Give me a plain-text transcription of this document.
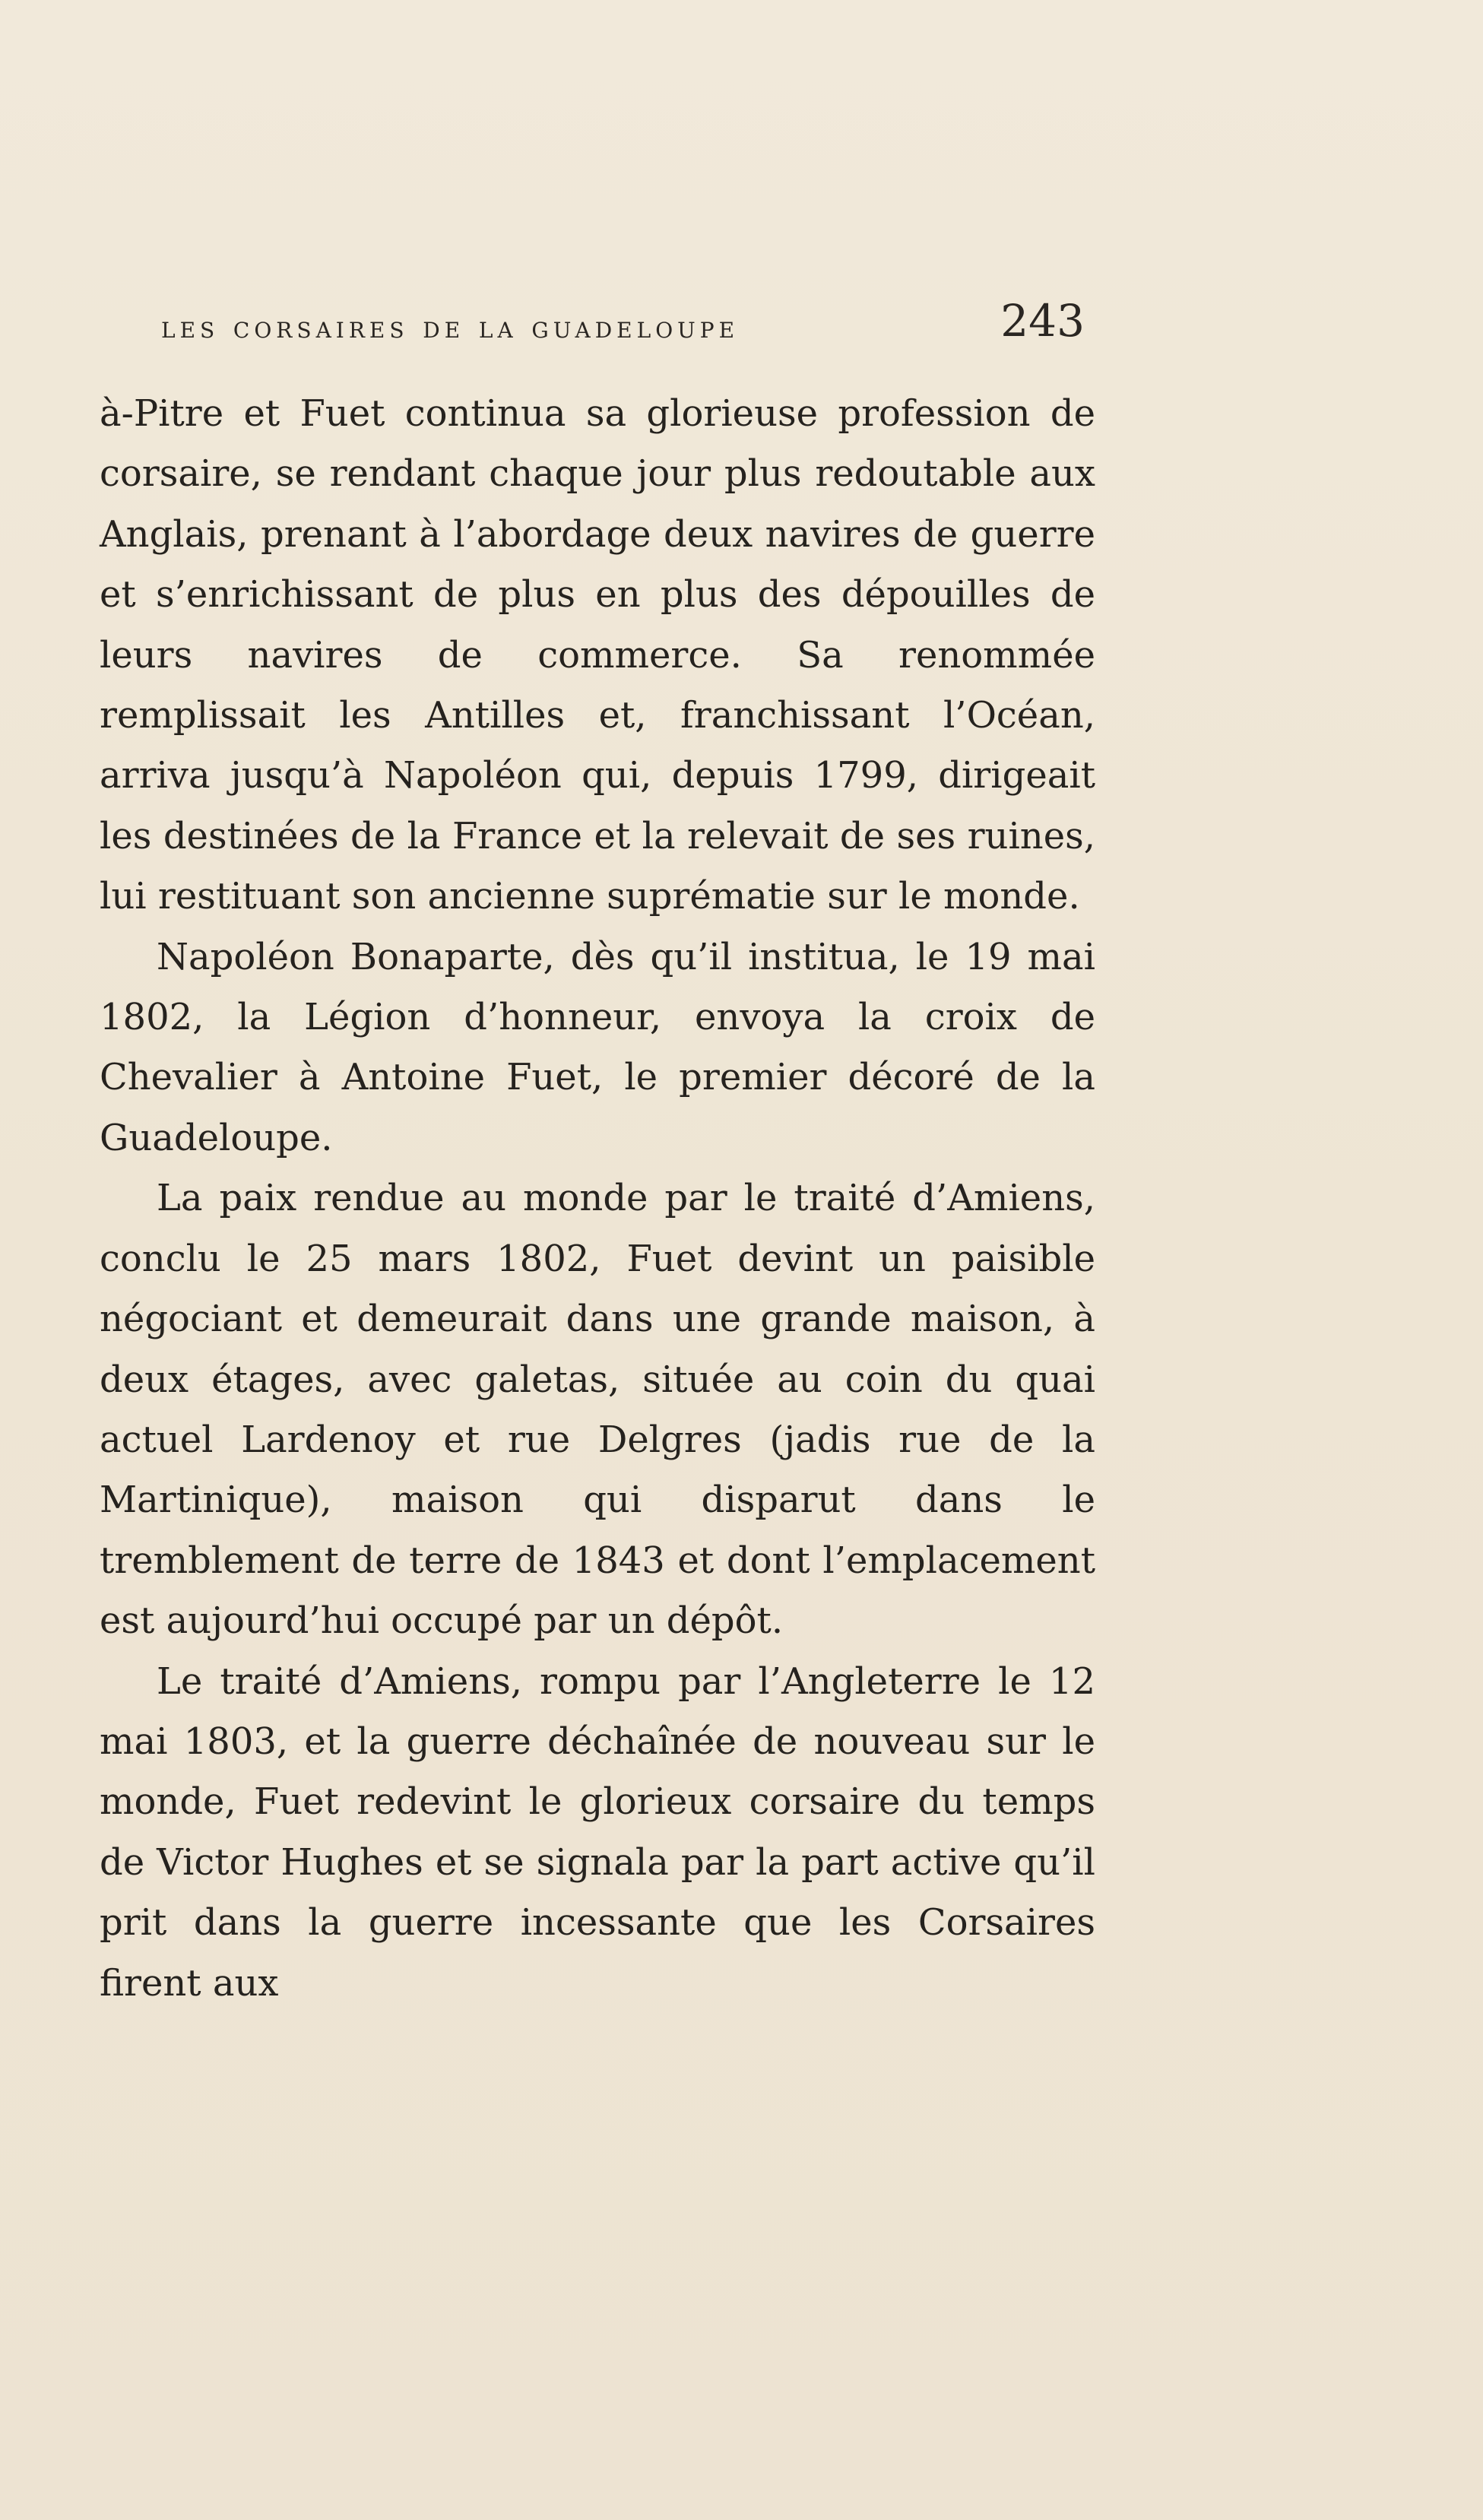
les corsaires de la guadeloupe	243

à-Pitre et Fuet continua sa glorieuse profession de corsaire, se rendant chaque jour plus redoutable aux Anglais, prenant à l’abordage deux navires de guerre et s’enrichissant de plus en plus des dépouilles de leurs navires de commerce. Sa renommée remplissait les Antilles et, franchissant l’Océan, arriva jusqu’à Napoléon qui, depuis 1799, dirigeait les destinées de la France et la relevait de ses ruines, lui restituant son ancienne suprématie sur le monde.

Napoléon Bonaparte, dès qu’il institua, le 19 mai 1802, la Légion d’honneur, envoya la croix de Chevalier à Antoine Fuet, le premier décoré de la Guadeloupe.

La paix rendue au monde par le traité d’Amiens, conclu le 25 mars 1802, Fuet devint un paisible négociant et demeurait dans une grande maison, à deux étages, avec galetas, située au coin du quai actuel Lardenoy et rue Delgres (jadis rue de la Martinique), maison qui disparut dans le tremblement de terre de 1843 et dont l’emplacement est aujourd’hui occupé par un dépôt.

Le traité d’Amiens, rompu par l’Angleterre le 12 mai 1803, et la guerre déchaînée de nouveau sur le monde, Fuet redevint le glorieux corsaire du temps de Victor Hughes et se signala par la part active qu’il prit dans la guerre incessante que les Corsaires firent aux
